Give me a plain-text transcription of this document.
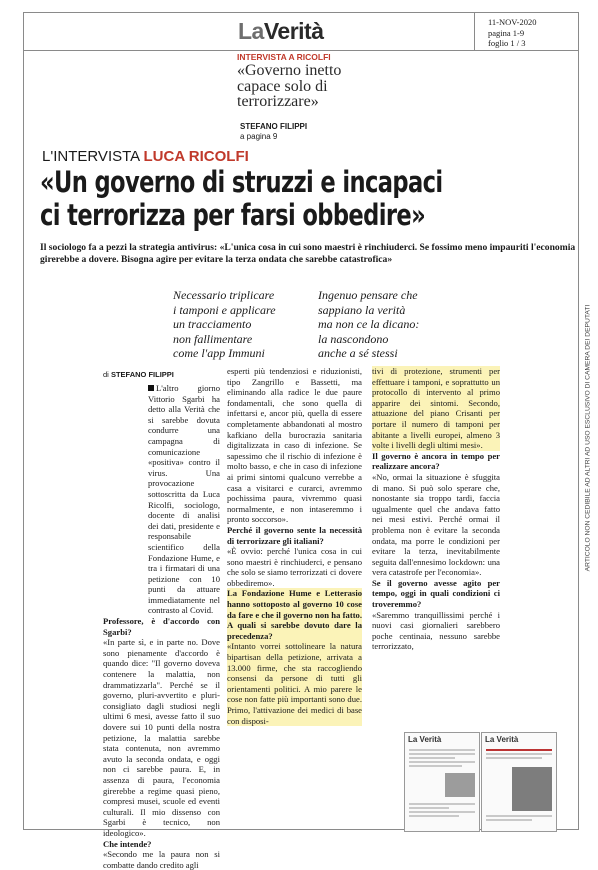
LaVerità	11-NOV-2020
pagina 1-9
foglio 1 / 3
INTERVISTA A RICOLFI
«Governo inetto capace solo di terrorizzare»
STEFANO FILIPPI
a pagina 9
L'INTERVISTA LUCA RICOLFI
«Un governo di struzzi e incapaci
ci terrorizza per farsi obbedire»
Il sociologo fa a pezzi la strategia antivirus: «L'unica cosa in cui sono maestri è rinchiuderci. Se fossimo meno impauriti l'economia girerebbe a dovere. Bisogna agire per evitare la terza ondata che sarebbe catastrofica»
Necessario triplicare
i tamponi e applicare
un tracciamento
non fallimentare
come l'app Immuni
Ingenuo pensare che
sappiano la verità
ma non ce la dicano:
la nascondono
anche a sé stessi
di STEFANO FILIPPI

L'altro giorno Vittorio Sgarbi ha detto alla Verità che si sarebbe dovuta condurre una campagna di comunicazione «positiva» contro il virus. Una provocazione sottoscritta da Luca Ricolfi, sociologo, docente di analisi dei dati, presidente e responsabile scientifico della Fondazione Hume, e tra i firmatari di una petizione con 10 punti da attuare immediatamente nel contrasto al Covid.

Professore, è d'accordo con Sgarbi?

«In parte sì, e in parte no. Dove sono pienamente d'accordo è quando dice: "Il governo doveva contenere la malattia, non drammatizzarla". Perché se il governo, pluri-avvertito e pluri-consigliato dagli studiosi negli ultimi 6 mesi, avesse fatto il suo dovere sui 10 punti della nostra petizione, la malattia sarebbe stata contenuta, non avremmo avuto la seconda ondata, e oggi non ci sarebbe paura. E, in assenza di paura, l'economia girerebbe a regime quasi pieno, compresi musei, scuole ed eventi culturali. Il mio dissenso con Sgarbi è tecnico, non ideologico».

Che intende?

«Secondo me la paura non si combatte dando credito agli

esperti più tendenziosi e riduzionisti, tipo Zangrillo e Bassetti, ma eliminando alla radice le due paure fondamentali, che sono quella di infettarsi e, ancor più, quella di essere completamente abbandonati al mostro kafkiano della burocrazia sanitaria digitalizzata in caso di infezione. Se sapessimo che il rischio di infezione è molto basso, e che in caso di infezione ai primi sintomi qualcuno verrebbe a casa a visitarci e curarci, avremmo pochissima paura, vivremmo quasi normalmente, e non intaseremmo i pronto soccorso».

Perché il governo sente la necessità di terrorizzare gli italiani?

«È ovvio: perché l'unica cosa in cui sono maestri è rinchiuderci, e pensano che solo se siamo terrorizzati ci dovere obbediremo».

La Fondazione Hume e Letterasio hanno sottoposto al governo 10 cose da fare e che il governo non ha fatto. A quali si sarebbe dovuto dare la precedenza?

«Intanto vorrei sottolineare la natura bipartisan della petizione, arrivata a 13.000 firme, che sta raccogliendo consensi da persone di tutti gli orientamenti politici. A mio parere le cose non fatte più importanti sono due. Primo, l'attivazione dei medici di base con disposi-

tivi di protezione, strumenti per effettuare i tamponi, e soprattutto un protocollo di intervento al primo apparire dei sintomi. Secondo, attuazione del piano Crisanti per portare il numero di tamponi per abitante a livelli europei, almeno 3 volte i livelli degli ultimi mesi».

Il governo è ancora in tempo per realizzare ancora?

«No, ormai la situazione è sfuggita di mano. Si può solo sperare che, nonostante sia troppo tardi, faccia ugualmente quel che andava fatto nei mesi estivi. Perché ormai il problema non è evitare la seconda ondata, ma porre le condizioni per evitare la terza, inevitabilmente seguita dall'ennesimo lockdown: una vera catastrofe per l'economia».

Se il governo avesse agito per tempo, oggi in quali condizioni ci troveremmo?

«Saremmo tranquillissimi perché i nuovi casi giornalieri sarebbero poche centinaia, nessuno sarebbe terrorizzato,

La Verità	La Verità
ARTICOLO NON CEDIBILE AD ALTRI AD USO ESCLUSIVO DI CAMERA DEI DEPUTATI
